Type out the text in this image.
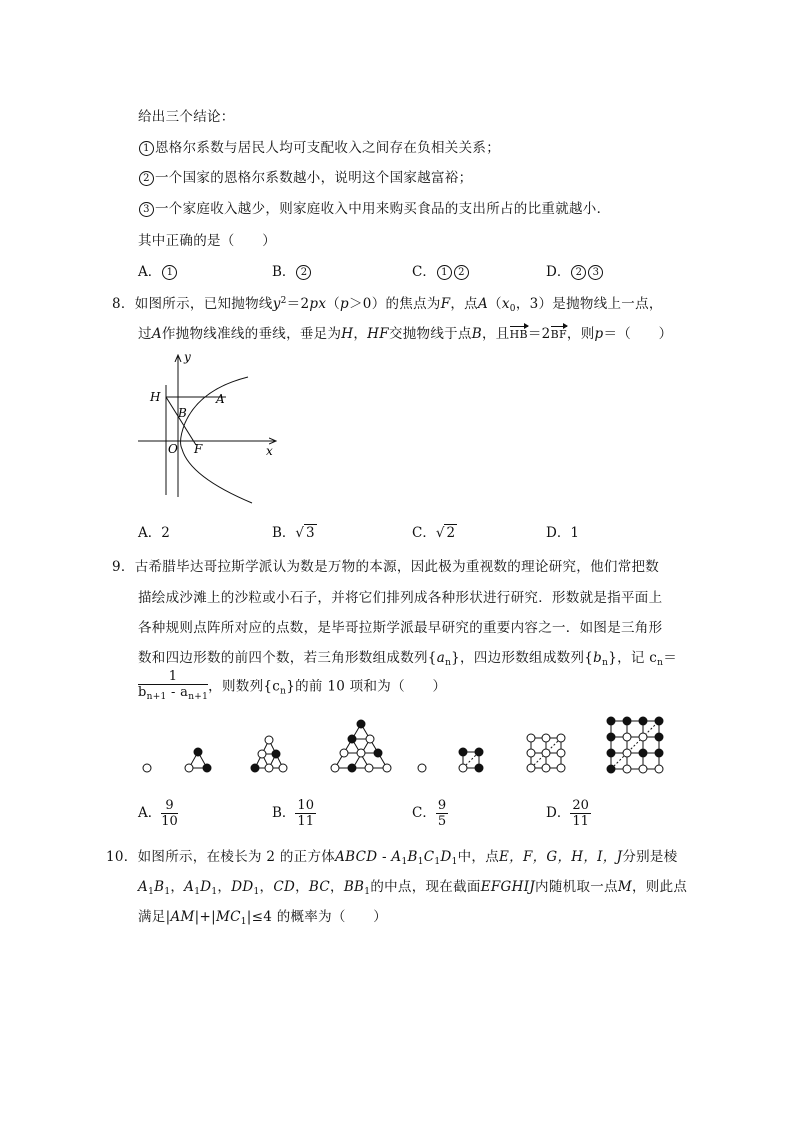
给出三个结论：
1 恩格尔系数与居民人均可支配收入之间存在负相关关系；
2 一个国家的恩格尔系数越小，说明这个国家越富裕；
3 一个家庭收入越少，则家庭收入中用来购买食品的支出所占的比重就越小．
其中正确的是（　　）
A． 1	B． 2	C． 1 2	D． 2 3
8．如图所示，已知抛物线$y^2=2px(p>0)$的焦点为F，点$A(x_0$，3）是抛物线上一点，
过A作抛物线准线的垂线，垂足为H，HF交抛物线于点B，且HB＝2BF，则p＝（　　）
y
x
H	A
B
O F
A．2	B．√ 3	C．√ 2	D．1
9．古希腊毕达哥拉斯学派认为数是万物的本源，因此极为重视数的理论研究，他们常把数
描绘成沙滩上的沙粒或小石子，并将它们排列成各种形状进行研究．形数就是指平面上
各种规则点阵所对应的点数，是毕哥拉斯学派最早研究的重要内容之一．如图是三角形
数和四边形数的前四个数，若三角形数组成数列$\{a_n\}$，四边形数组成数列$\{b_n\}$，记 $c_n=$
$\frac{1}{b_{n+1} - a_{n+1}}$ ，则数列$\{c_n\}$的前 10 项和为（　　）
A． $\frac{9}{10}$	B． $\frac{10}{11}$	C． $\frac{9}{5}$	D． $\frac{20}{11}$
10．如图所示，在棱长为 2 的正方体ABCD - $A_1B_1C_1D_1$中，点E，F，G，H，I，J分别是棱
$A_1B_1$，$A_1D_1$，$DD_1$，CD，BC，$BB_1$的中点，现在截面EFGHIJ内随机取一点M，则此点
满足$|AM|+|MC_1|\le 4$ 的概率为（　　）
